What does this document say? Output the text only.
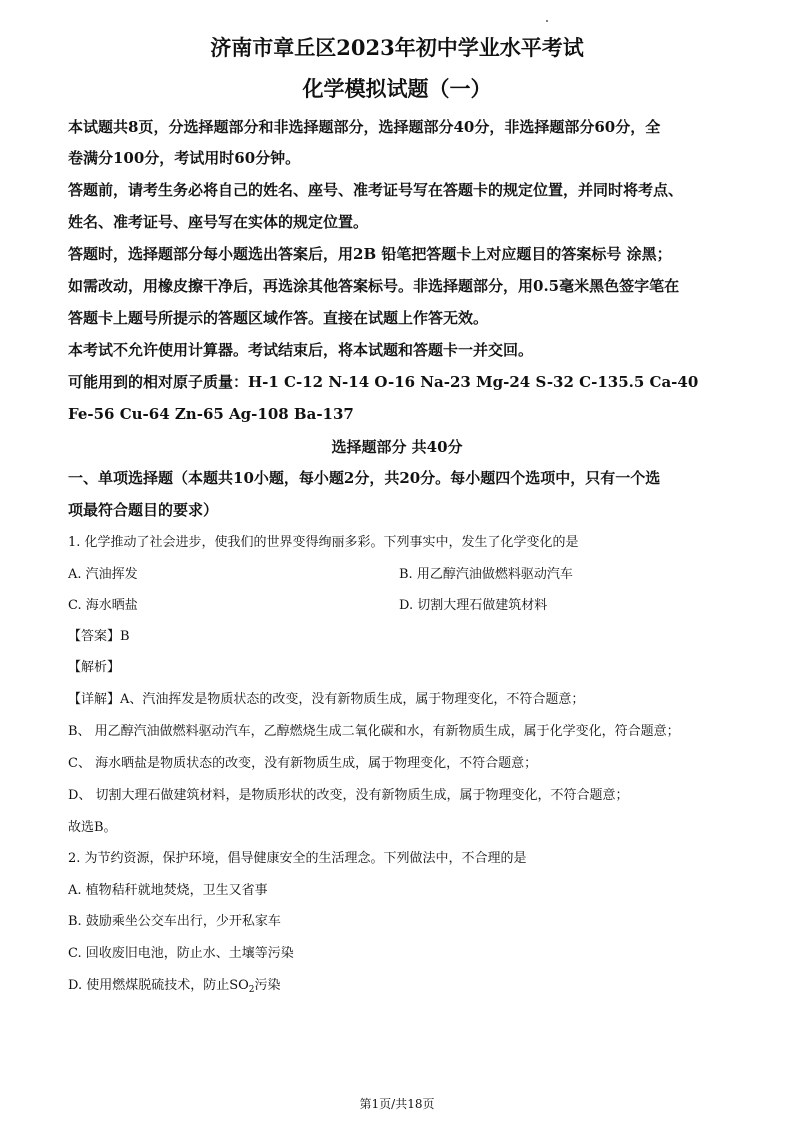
济南市章丘区2023年初中学业水平考试
化学模拟试题（一）
本试题共8页，分选择题部分和非选择题部分，选择题部分40分，非选择题部分60分，全
卷满分100分，考试用时60分钟。
答题前，请考生务必将自己的姓名、座号、准考证号写在答题卡的规定位置，并同时将考点、
姓名、准考证号、座号写在实体的规定位置。
答题时，选择题部分每小题选出答案后，用2B 铅笔把答题卡上对应题目的答案标号 涂黑；
如需改动，用橡皮擦干净后，再选涂其他答案标号。非选择题部分，用0.5毫米黑色签字笔在
答题卡上题号所提示的答题区域作答。直接在试题上作答无效。
本考试不允许使用计算器。考试结束后，将本试题和答题卡一并交回。
可能用到的相对原子质量：H-1 C-12 N-14 O-16 Na-23 Mg-24 S-32 C-135.5 Ca-40
Fe-56 Cu-64 Zn-65 Ag-108 Ba-137
选择题部分 共40分
一、单项选择题（本题共10小题，每小题2分，共20分。每小题四个选项中，只有一个选
项最符合题目的要求）
1. 化学推动了社会进步，使我们的世界变得绚丽多彩。下列事实中，发生了化学变化的是
A. 汽油挥发	B. 用乙醇汽油做燃料驱动汽车
C. 海水晒盐	D. 切割大理石做建筑材料
【答案】B
【解析】
【详解】A、汽油挥发是物质状态的改变，没有新物质生成，属于物理变化，不符合题意；
B、 用乙醇汽油做燃料驱动汽车，乙醇燃烧生成二氧化碳和水，有新物质生成，属于化学变化，符合题意；
C、 海水晒盐是物质状态的改变，没有新物质生成，属于物理变化，不符合题意；
D、 切割大理石做建筑材料，是物质形状的改变，没有新物质生成，属于物理变化，不符合题意；
故选B。
2. 为节约资源，保护环境，倡导健康安全的生活理念。下列做法中，不合理的是
A. 植物秸秆就地焚烧，卫生又省事
B. 鼓励乘坐公交车出行，少开私家车
C. 回收废旧电池，防止水、土壤等污染
D. 使用燃煤脱硫技术，防止$SO_2$污染
第1页/共18页
